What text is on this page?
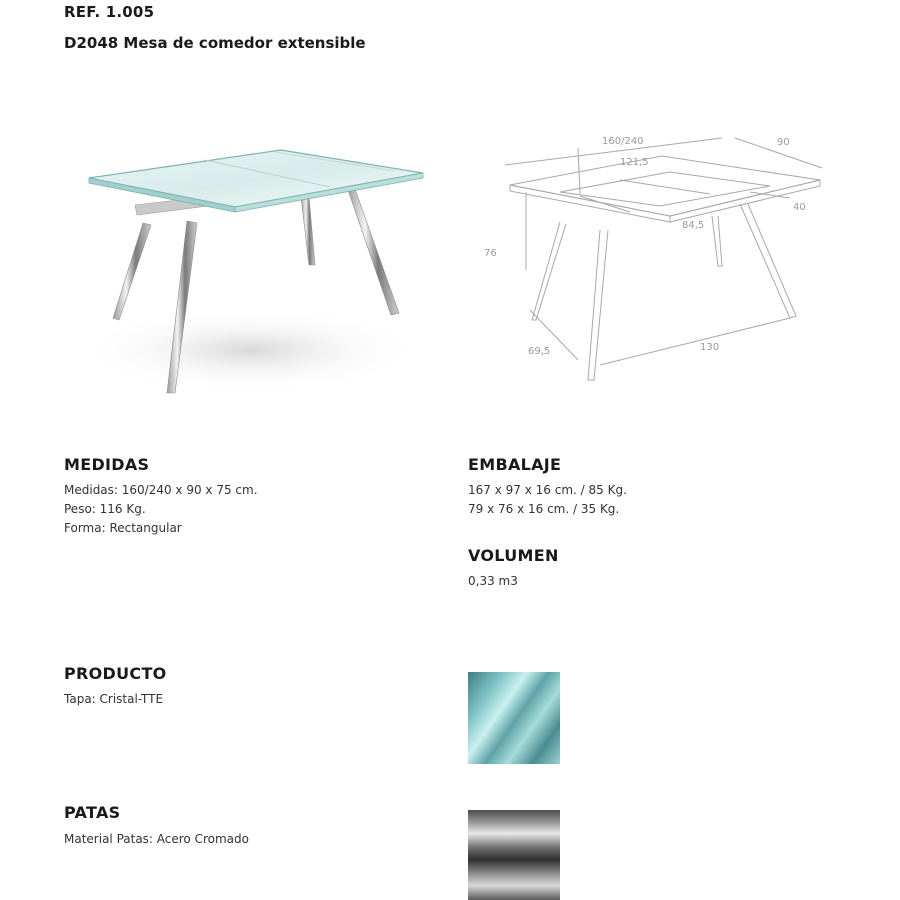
REF. 1.005
D2048 Mesa de comedor extensible
160/240	90
121,5
40
76
84,5
69,5	130
MEDIDAS
Medidas: 160/240 x 90 x 75 cm.
Peso: 116 Kg.
Forma: Rectangular
EMBALAJE
167 x 97 x 16 cm. / 85 Kg.
79 x 76 x 16 cm. / 35 Kg.
VOLUMEN
0,33 m3
PRODUCTO
Tapa: Cristal-TTE
PATAS
Material Patas: Acero Cromado
